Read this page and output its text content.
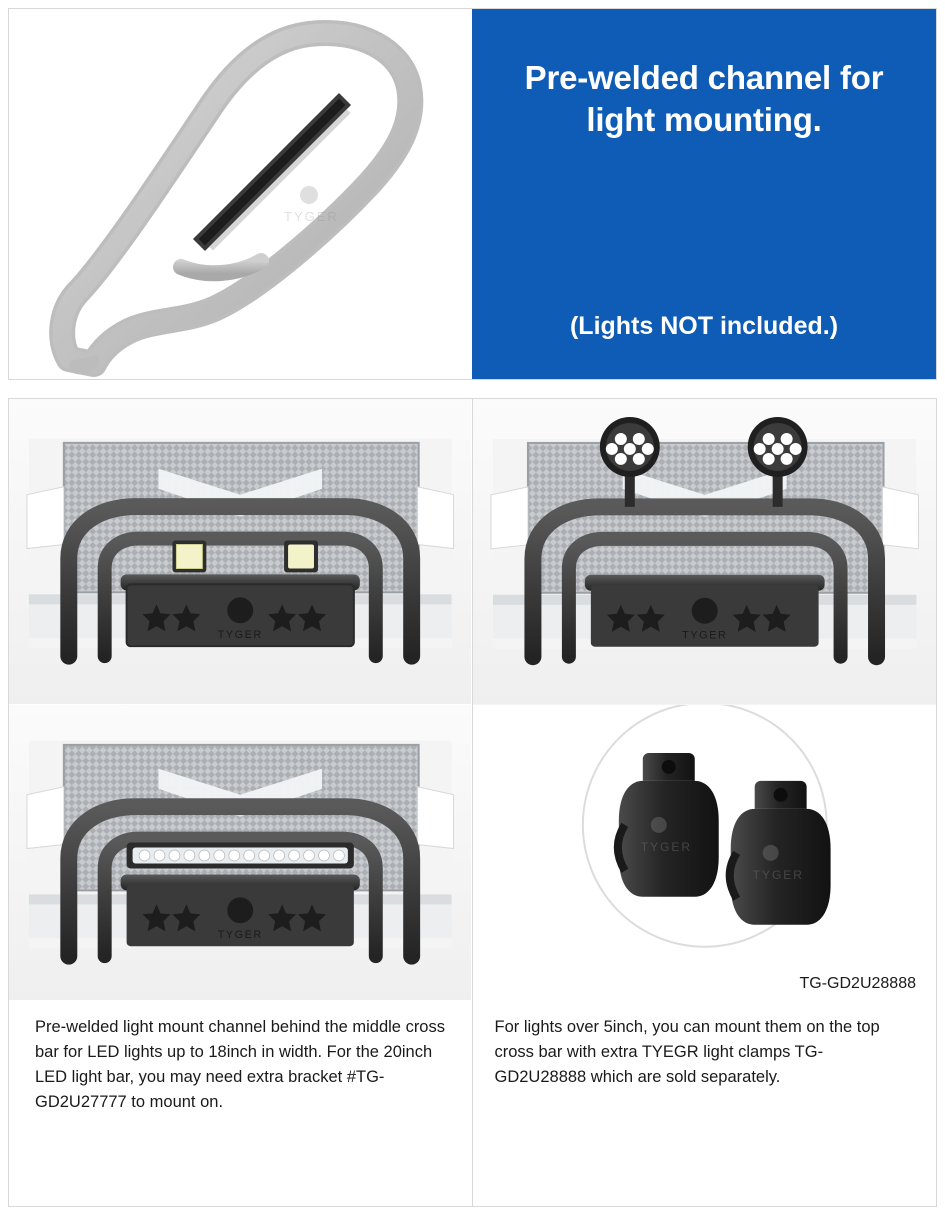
TYGER
Pre-welded channel for light mounting.
(Lights NOT included.)
TYGER
TYGER
Pre-welded light mount channel behind the middle cross bar for LED lights up to 18inch in width. For the 20inch LED light bar, you may need extra bracket #TG-GD2U27777 to mount on.
TYGER
TYGER
TYGER
TG-GD2U28888
For lights over 5inch, you can mount them on the top cross bar with extra TYEGR light clamps TG-GD2U28888 which are sold separately.
